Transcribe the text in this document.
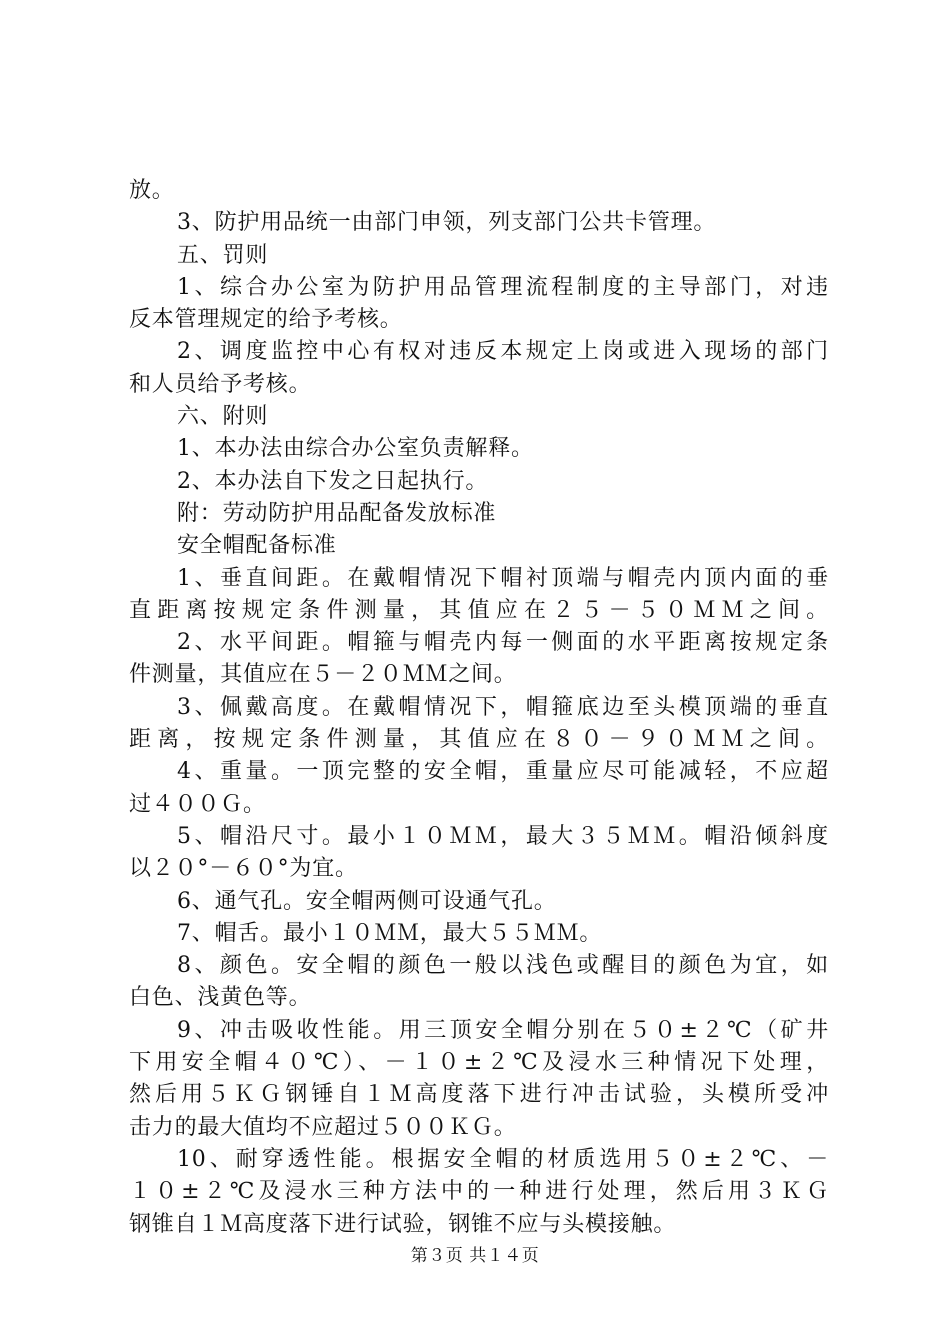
放。
3、防护用品统一由部门申领，列支部门公共卡管理。
五、罚则
1、综合办公室为防护用品管理流程制度的主导部门，对违
反本管理规定的给予考核。
2、调度监控中心有权对违反本规定上岗或进入现场的部门
和人员给予考核。
六、附则
1、本办法由综合办公室负责解释。
2、本办法自下发之日起执行。
附：劳动防护用品配备发放标准
安全帽配备标准
1、垂直间距。在戴帽情况下帽衬顶端与帽壳内顶内面的垂
直距离按规定条件测量，其值应在２５－５０ＭＭ之间。
2、水平间距。帽箍与帽壳内每一侧面的水平距离按规定条
件测量，其值应在５－２０ＭＭ之间。
3、佩戴高度。在戴帽情况下，帽箍底边至头模顶端的垂直
距离，按规定条件测量，其值应在８０－９０ＭＭ之间。
4、重量。一顶完整的安全帽，重量应尽可能减轻，不应超
过４００Ｇ。
5、帽沿尺寸。最小１０ＭＭ，最大３５ＭＭ。帽沿倾斜度
以２０°－６０°为宜。
6、通气孔。安全帽两侧可设通气孔。
7、帽舌。最小１０ＭＭ，最大５５ＭＭ。
8、颜色。安全帽的颜色一般以浅色或醒目的颜色为宜，如
白色、浅黄色等。
9、冲击吸收性能。用三顶安全帽分别在５０±２℃（矿井
下用安全帽４０℃）、－１０±２℃及浸水三种情况下处理，
然后用５ＫＧ钢锤自１Ｍ高度落下进行冲击试验，头模所受冲
击力的最大值均不应超过５００ＫＧ。
10、耐穿透性能。根据安全帽的材质选用５０±２℃、－
１０±２℃及浸水三种方法中的一种进行处理，然后用３ＫＧ
钢锥自１Ｍ高度落下进行试验，钢锥不应与头模接触。
第３页 共１４页
